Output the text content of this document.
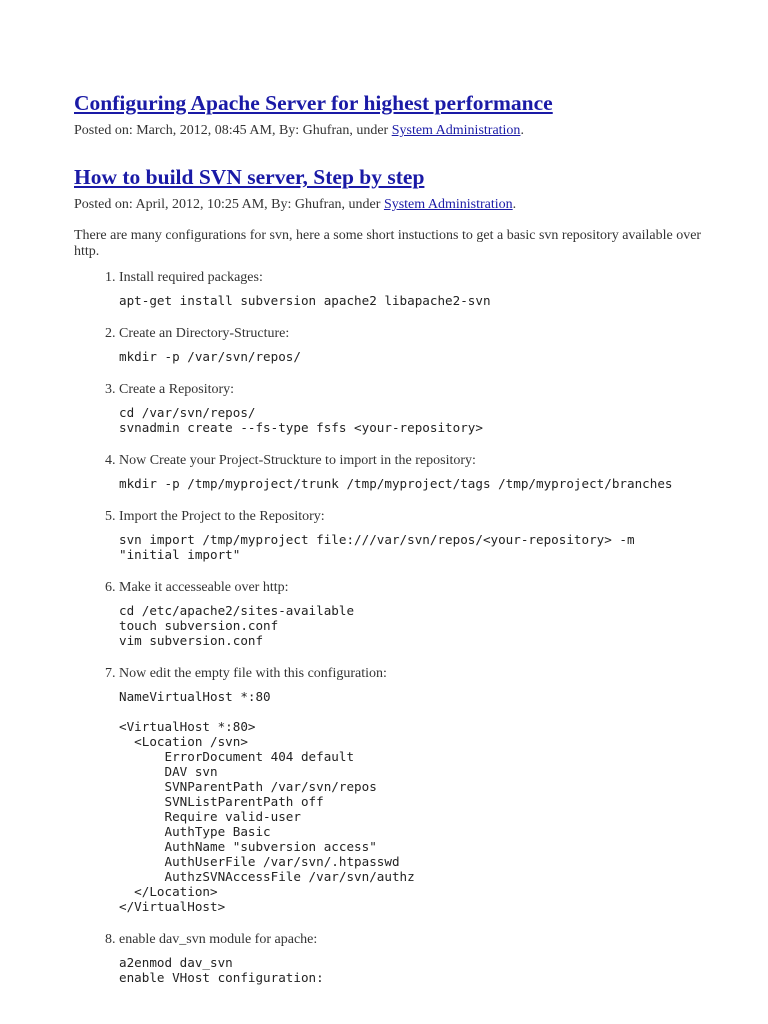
Configuring Apache Server for highest performance

Posted on: March, 2012, 08:45 AM, By: Ghufran, under System Administration.

How to build SVN server, Step by step

Posted on: April, 2012, 10:25 AM, By: Ghufran, under System Administration.

There are many configurations for svn, here a some short instuctions to get a basic svn repository available over http.

1. Install required packages:
apt-get install subversion apache2 libapache2-svn
2. Create an Directory-Structure:
mkdir -p /var/svn/repos/
3. Create a Repository:
cd /var/svn/repos/
svnadmin create --fs-type fsfs <your-repository>
4. Now Create your Project-Struckture to import in the repository:
mkdir -p /tmp/myproject/trunk /tmp/myproject/tags /tmp/myproject/branches
5. Import the Project to the Repository:
svn import /tmp/myproject file:///var/svn/repos/<your-repository> -m
"initial import"
6. Make it accesseable over http:
cd /etc/apache2/sites-available
touch subversion.conf
vim subversion.conf
7. Now edit the empty file with this configuration:
NameVirtualHost *:80

<VirtualHost *:80>
<Location /svn>
ErrorDocument 404 default
DAV svn
SVNParentPath /var/svn/repos
SVNListParentPath off
Require valid-user
AuthType Basic
AuthName "subversion access"
AuthUserFile /var/svn/.htpasswd
AuthzSVNAccessFile /var/svn/authz
</Location>
</VirtualHost>
8. enable dav_svn module for apache:
a2enmod dav_svn
enable VHost configuration:
